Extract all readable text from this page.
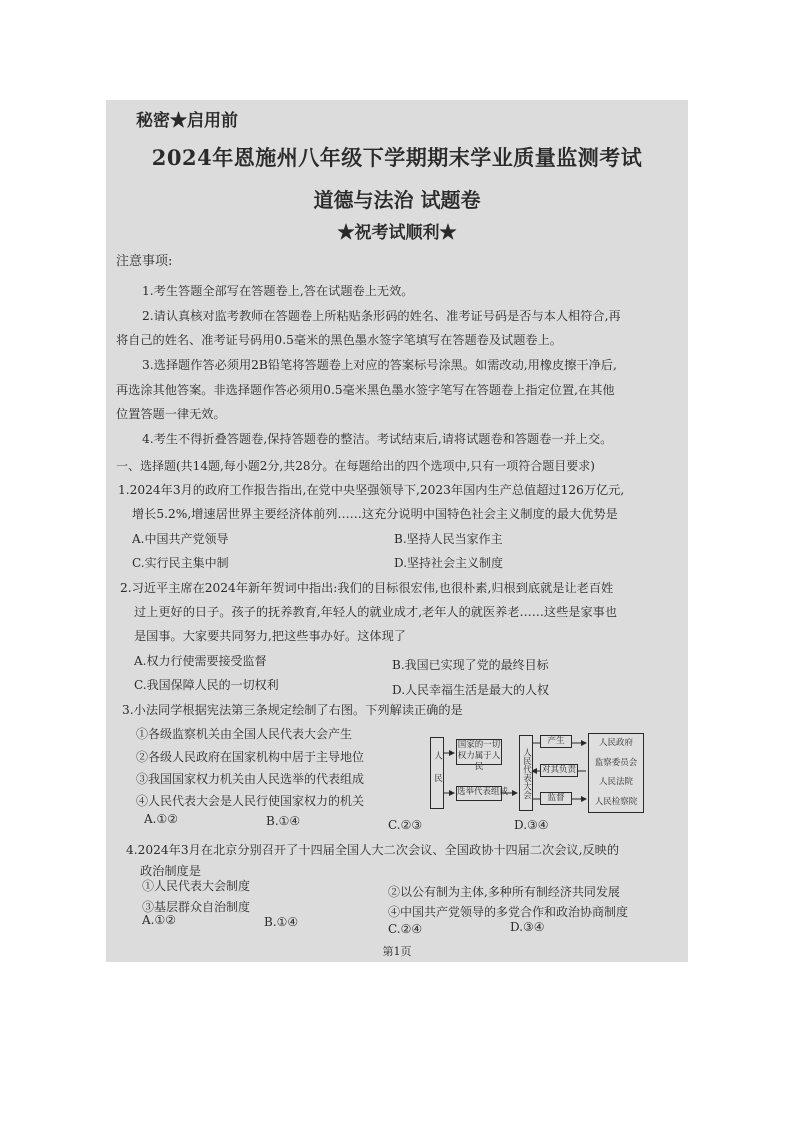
秘密★启用前
2024年恩施州八年级下学期期末学业质量监测考试
道德与法治 试题卷
★祝考试顺利★
注意事项:
1.考生答题全部写在答题卷上,答在试题卷上无效。
2.请认真核对监考教师在答题卷上所粘贴条形码的姓名、准考证号码是否与本人相符合,再
将自己的姓名、准考证号码用0.5毫米的黑色墨水签字笔填写在答题卷及试题卷上。
3.选择题作答必须用2B铅笔将答题卷上对应的答案标号涂黑。如需改动,用橡皮擦干净后,
再选涂其他答案。非选择题作答必须用0.5毫米黑色墨水签字笔写在答题卷上指定位置,在其他
位置答题一律无效。
4.考生不得折叠答题卷,保持答题卷的整洁。考试结束后,请将试题卷和答题卷一并上交。
一、选择题(共14题,每小题2分,共28分。在每题给出的四个选项中,只有一项符合题目要求)
1.2024年3月的政府工作报告指出,在党中央坚强领导下,2023年国内生产总值超过126万亿元,
增长5.2%,增速居世界主要经济体前列……这充分说明中国特色社会主义制度的最大优势是
A.中国共产党领导	B.坚持人民当家作主
C.实行民主集中制	D.坚持社会主义制度
2.习近平主席在2024年新年贺词中指出:我们的目标很宏伟,也很朴素,归根到底就是让老百姓
过上更好的日子。孩子的抚养教育,年轻人的就业成才,老年人的就医养老……这些是家事也
是国事。大家要共同努力,把这些事办好。这体现了
A.权力行使需要接受监督	B.我国已实现了党的最终目标
C.我国保障人民的一切权利	D.人民幸福生活是最大的人权
3.小法同学根据宪法第三条规定绘制了右图。下列解读正确的是
①各级监察机关由全国人民代表大会产生
②各级人民政府在国家机构中居于主导地位
③我国国家权力机关由人民选举的代表组成
④人民代表大会是人民行使国家权力的机关
A.①②	B.①④	C.②③	D.③④
人民
国家的一切权力属于人民
选举代表组成 人民代表大会
产生
对其负责
监督
人民政府
监察委员会
人民法院
人民检察院
4.2024年3月在北京分别召开了十四届全国人大二次会议、全国政协十四届二次会议,反映的
政治制度是
①人民代表大会制度	②以公有制为主体,多种所有制经济共同发展
③基层群众自治制度	④中国共产党领导的多党合作和政治协商制度
A.①②	B.①④	C.②④	D.③④
第1页
